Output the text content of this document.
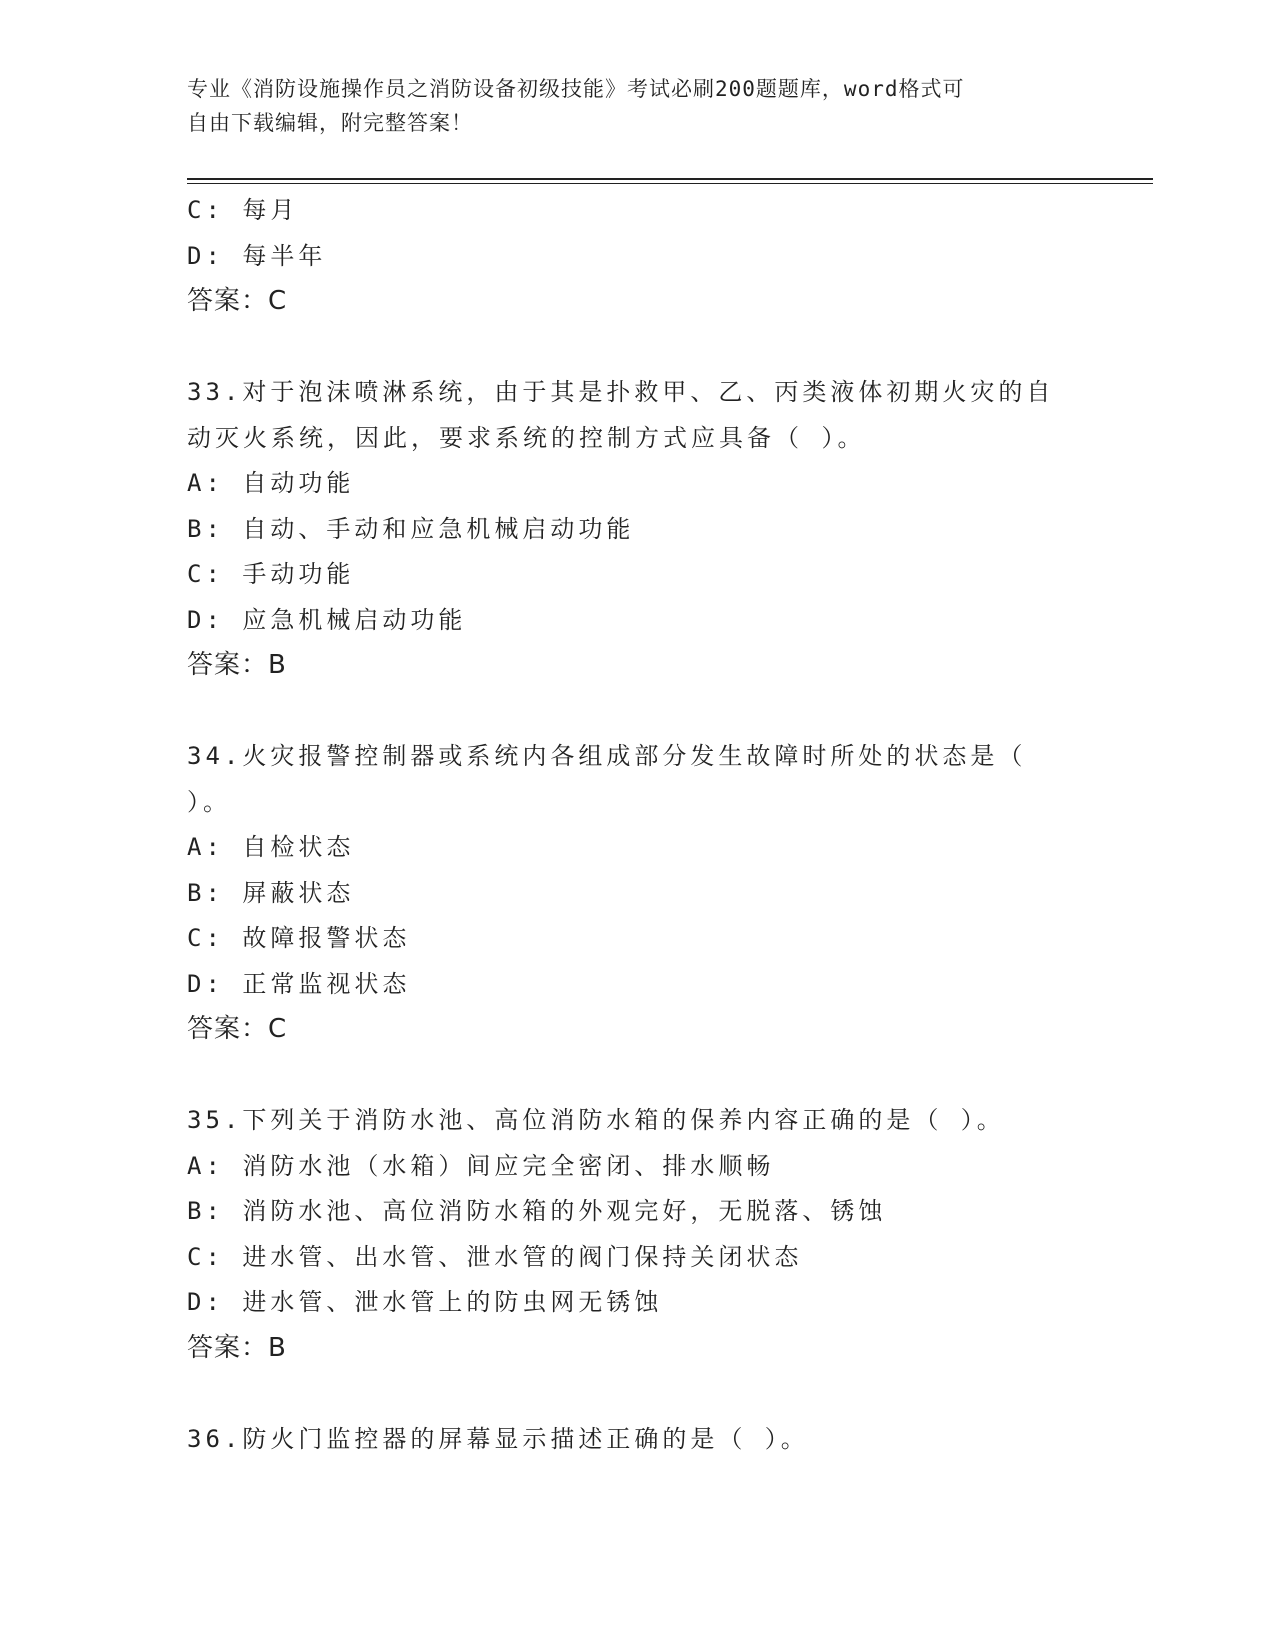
专业《消防设施操作员之消防设备初级技能》考试必刷200题题库，word格式可
自由下载编辑，附完整答案！
C: 每月
D: 每半年
答案：C
33.对于泡沫喷淋系统，由于其是扑救甲、乙、丙类液体初期火灾的自
动灭火系统，因此，要求系统的控制方式应具备（ ）。
A: 自动功能
B: 自动、手动和应急机械启动功能
C: 手动功能
D: 应急机械启动功能
答案：B
34.火灾报警控制器或系统内各组成部分发生故障时所处的状态是（
）。
A: 自检状态
B: 屏蔽状态
C: 故障报警状态
D: 正常监视状态
答案：C
35.下列关于消防水池、高位消防水箱的保养内容正确的是（ ）。
A: 消防水池（水箱）间应完全密闭、排水顺畅
B: 消防水池、高位消防水箱的外观完好，无脱落、锈蚀
C: 进水管、出水管、泄水管的阀门保持关闭状态
D: 进水管、泄水管上的防虫网无锈蚀
答案：B
36.防火门监控器的屏幕显示描述正确的是（ ）。
